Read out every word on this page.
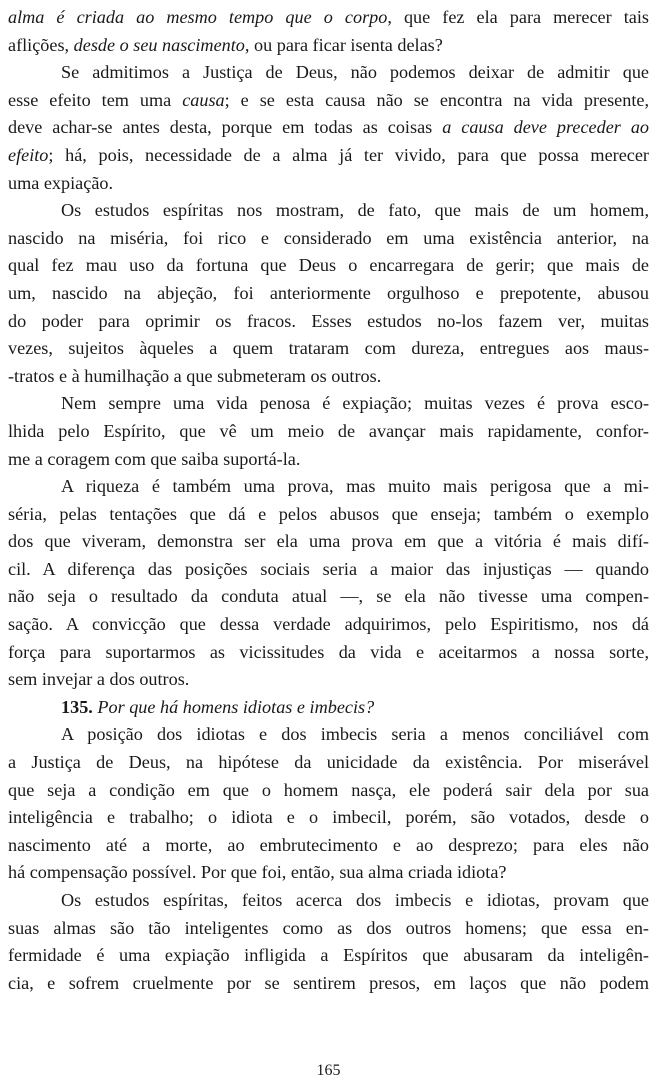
alma é criada ao mesmo tempo que o corpo, que fez ela para merecer tais
aflições, desde o seu nascimento, ou para ficar isenta delas?
Se admitimos a Justiça de Deus, não podemos deixar de admitir que
esse efeito tem uma causa; e se esta causa não se encontra na vida presente,
deve achar-se antes desta, porque em todas as coisas a causa deve preceder ao
efeito; há, pois, necessidade de a alma já ter vivido, para que possa merecer
uma expiação.
Os estudos espíritas nos mostram, de fato, que mais de um homem,
nascido na miséria, foi rico e considerado em uma existência anterior, na
qual fez mau uso da fortuna que Deus o encarregara de gerir; que mais de
um, nascido na abjeção, foi anteriormente orgulhoso e prepotente, abusou
do poder para oprimir os fracos. Esses estudos no-los fazem ver, muitas
vezes, sujeitos àqueles a quem trataram com dureza, entregues aos maus-
-tratos e à humilhação a que submeteram os outros.
Nem sempre uma vida penosa é expiação; muitas vezes é prova esco-
lhida pelo Espírito, que vê um meio de avançar mais rapidamente, confor-
me a coragem com que saiba suportá-la.
A riqueza é também uma prova, mas muito mais perigosa que a mi-
séria, pelas tentações que dá e pelos abusos que enseja; também o exemplo
dos que viveram, demonstra ser ela uma prova em que a vitória é mais difí-
cil. A diferença das posições sociais seria a maior das injustiças — quando
não seja o resultado da conduta atual —, se ela não tivesse uma compen-
sação. A convicção que dessa verdade adquirimos, pelo Espiritismo, nos dá
força para suportarmos as vicissitudes da vida e aceitarmos a nossa sorte,
sem invejar a dos outros.
135. Por que há homens idiotas e imbecis?
A posição dos idiotas e dos imbecis seria a menos conciliável com
a Justiça de Deus, na hipótese da unicidade da existência. Por miserável
que seja a condição em que o homem nasça, ele poderá sair dela por sua
inteligência e trabalho; o idiota e o imbecil, porém, são votados, desde o
nascimento até a morte, ao embrutecimento e ao desprezo; para eles não
há compensação possível. Por que foi, então, sua alma criada idiota?
Os estudos espíritas, feitos acerca dos imbecis e idiotas, provam que
suas almas são tão inteligentes como as dos outros homens; que essa en-
fermidade é uma expiação infligida a Espíritos que abusaram da inteligên-
cia, e sofrem cruelmente por se sentirem presos, em laços que não podem
165
